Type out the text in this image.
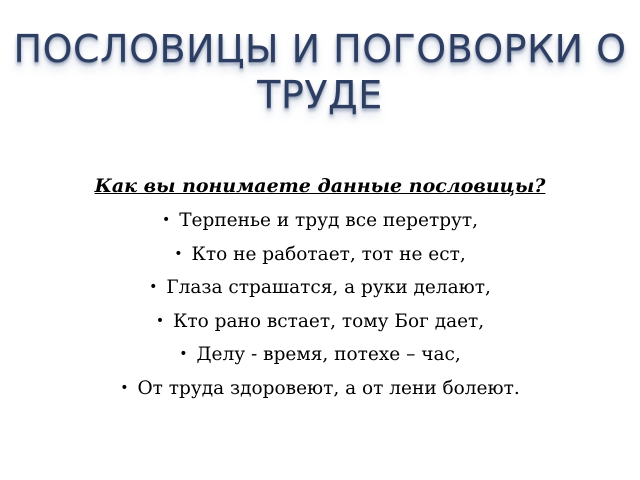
ПОСЛОВИЦЫ И ПОГОВОРКИ О
ТРУДЕ
Как вы понимаете данные пословицы?
• Терпенье и труд все перетрут,
• Кто не работает, тот не ест,
• Глаза страшатся, а руки делают,
• Кто рано встает, тому Бог дает,
• Делу - время, потехе – час,
• От труда здоровеют, а от лени болеют.
